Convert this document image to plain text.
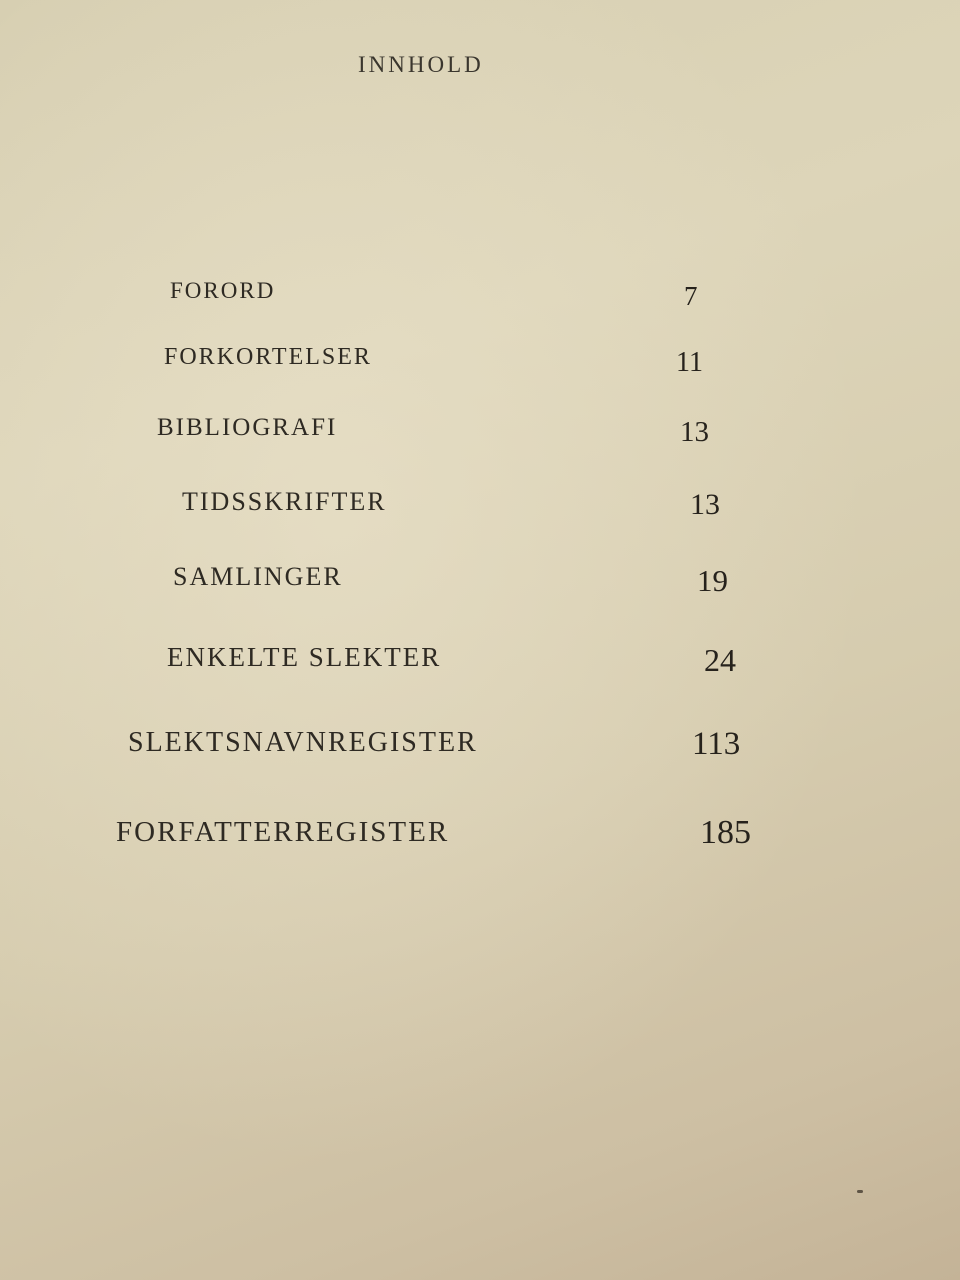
INNHOLD
FORORD	7
FORKORTELSER	11
BIBLIOGRAFI	13
TIDSSKRIFTER	13
SAMLINGER	19
ENKELTE SLEKTER	24
SLEKTSNAVNREGISTER	113
FORFATTERREGISTER	185
